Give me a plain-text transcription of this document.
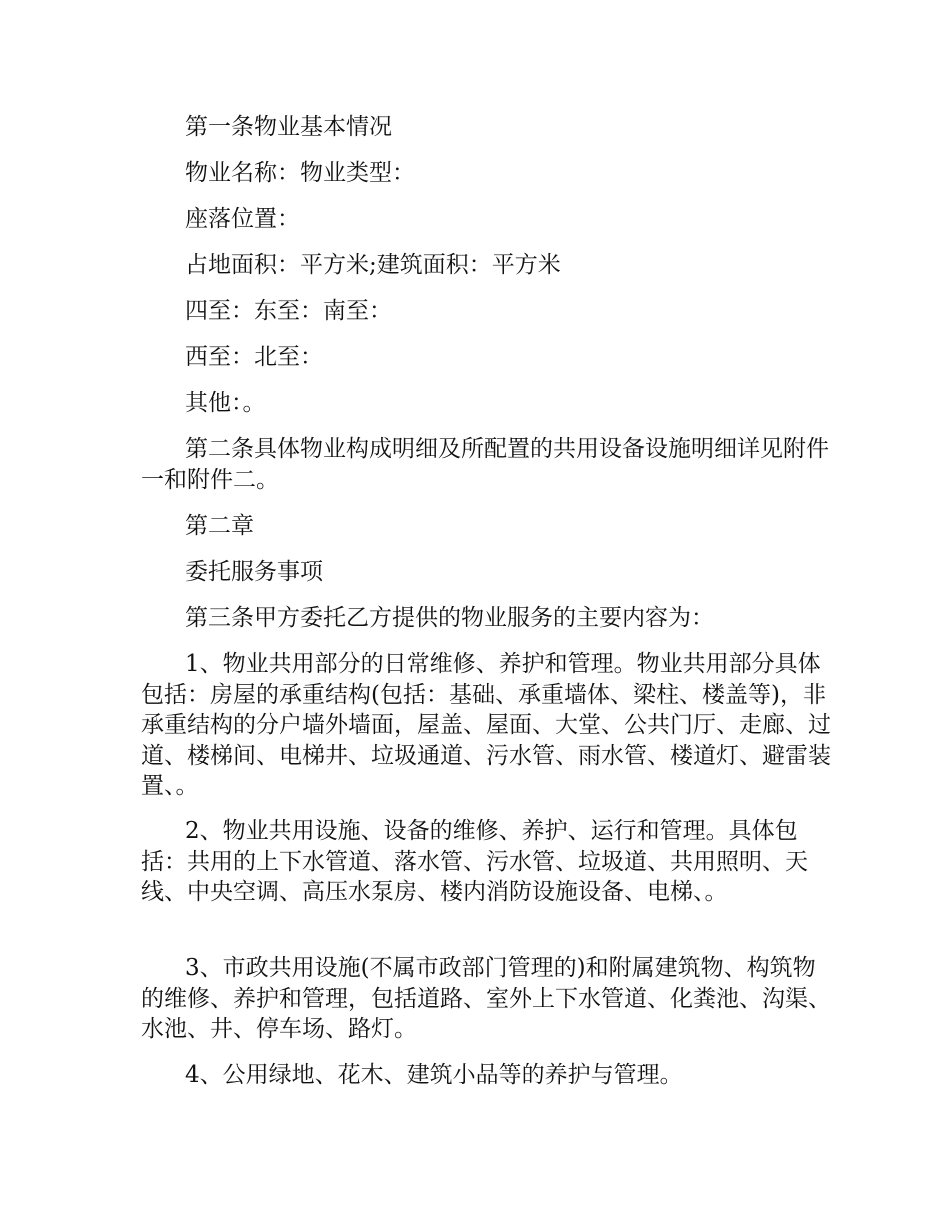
第一条物业基本情况

物业名称：物业类型：

座落位置：

占地面积：平方米;建筑面积：平方米

四至：东至：南至：

西至：北至：

其他：。

第二条具体物业构成明细及所配置的共用设备设施明细详见附件一和附件二。

第二章

委托服务事项

第三条甲方委托乙方提供的物业服务的主要内容为：

1、物业共用部分的日常维修、养护和管理。物业共用部分具体包括：房屋的承重结构(包括：基础、承重墙体、梁柱、楼盖等)，非承重结构的分户墙外墙面，屋盖、屋面、大堂、公共门厅、走廊、过道、楼梯间、电梯井、垃圾通道、污水管、雨水管、楼道灯、避雷装置、。

2、物业共用设施、设备的维修、养护、运行和管理。具体包括：共用的上下水管道、落水管、污水管、垃圾道、共用照明、天线、中央空调、高压水泵房、楼内消防设施设备、电梯、。

3、市政共用设施(不属市政部门管理的)和附属建筑物、构筑物的维修、养护和管理，包括道路、室外上下水管道、化粪池、沟渠、水池、井、停车场、路灯。

4、公用绿地、花木、建筑小品等的养护与管理。
